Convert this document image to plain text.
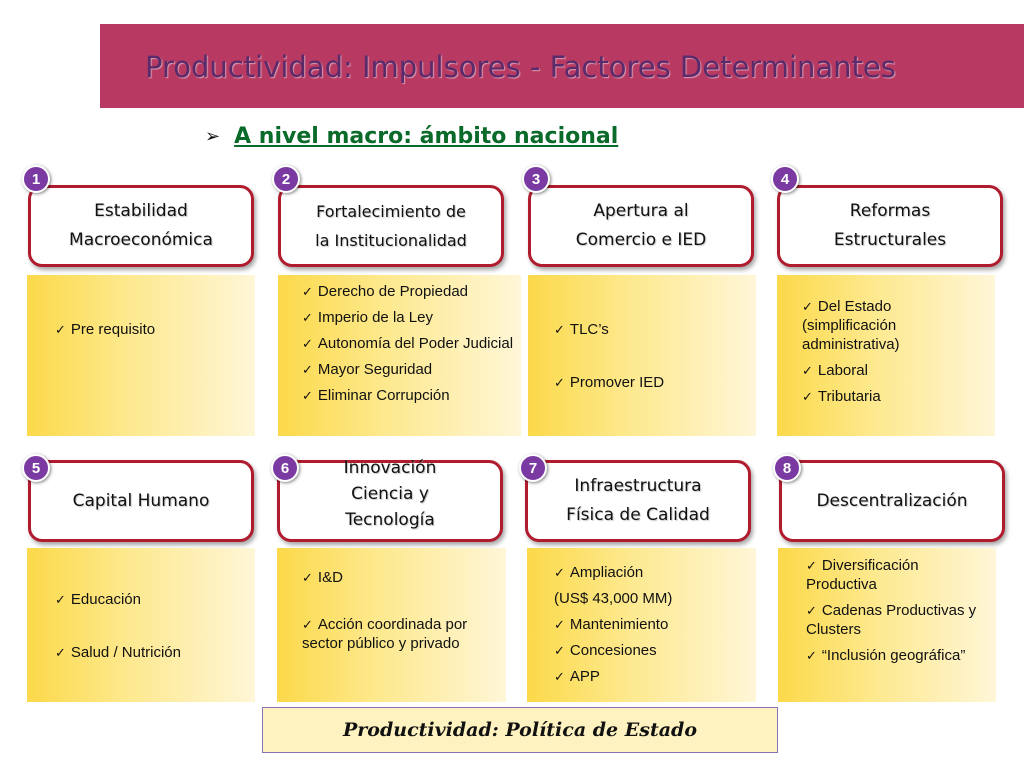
Productividad: Impulsores - Factores Determinantes
➢ A nivel macro: ámbito nacional
Estabilidad
Macroeconómica
1
Fortalecimiento de
la Institucionalidad
2
Apertura al
Comercio e IED
3
Reformas
Estructurales
4
✓ Pre requisito
✓ Derecho de Propiedad
✓ Imperio de la Ley
✓ Autonomía del Poder Judicial
✓ Mayor Seguridad
✓ Eliminar Corrupción
✓ TLC’s
✓ Promover IED
✓ Del Estado (simplificación administrativa)
✓ Laboral
✓ Tributaria
Capital Humano
5	Innovación
Ciencia y
Tecnología
6
Infraestructura
Física de Calidad
7
Descentralización
8
✓ Educación
✓ Salud / Nutrición
✓ I&D
✓ Acción coordinada por sector público y privado
✓ Ampliación
(US$ 43,000 MM)
✓ Mantenimiento
✓ Concesiones
✓ APP
✓ Diversificación Productiva
✓ Cadenas Productivas y Clusters
✓ “Inclusión geográfica”
Productividad: Política de Estado
